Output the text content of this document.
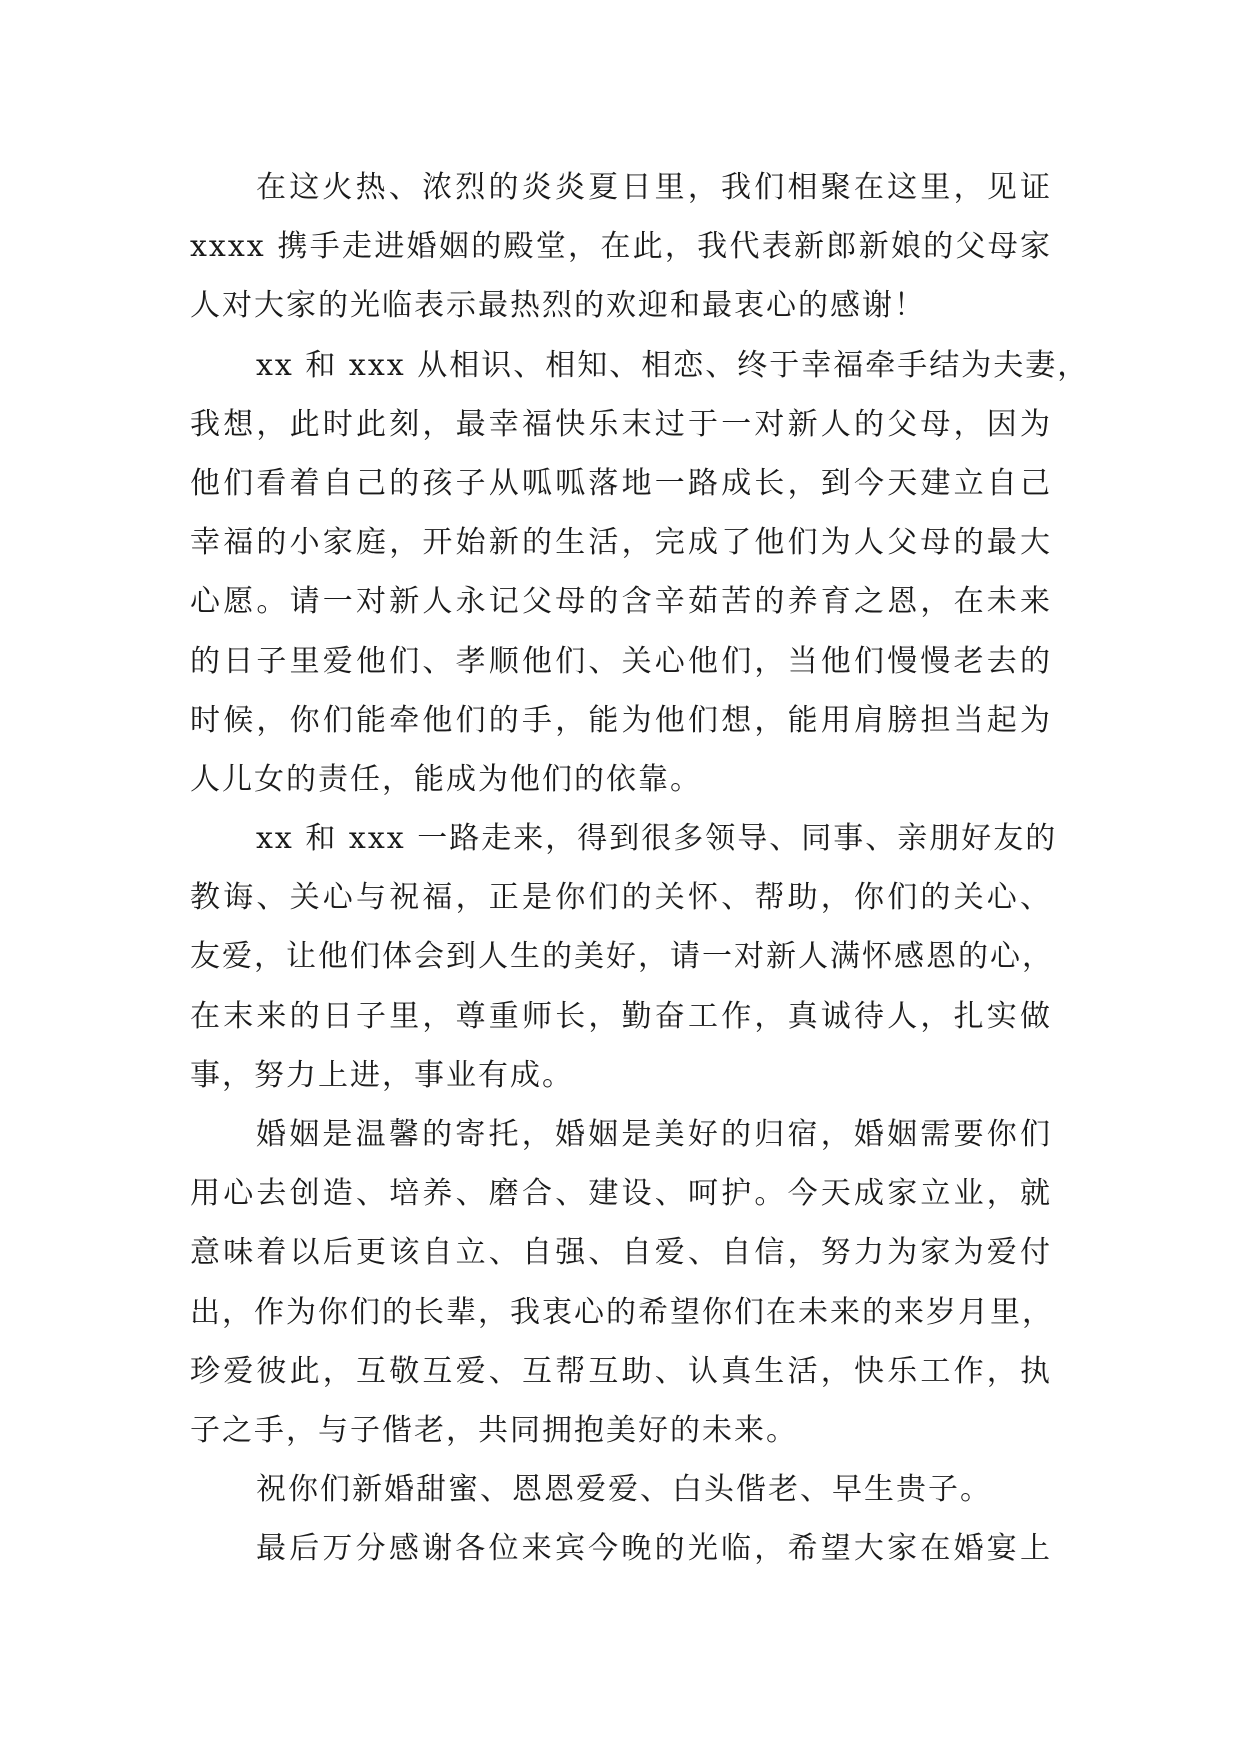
在这火热、浓烈的炎炎夏日里，我们相聚在这里，见证
xxxx 携手走进婚姻的殿堂，在此，我代表新郎新娘的父母家
人对大家的光临表示最热烈的欢迎和最衷心的感谢！
xx 和 xxx 从相识、相知、相恋、终于幸福牵手结为夫妻，
我想，此时此刻，最幸福快乐末过于一对新人的父母，因为
他们看着自己的孩子从呱呱落地一路成长，到今天建立自己
幸福的小家庭，开始新的生活，完成了他们为人父母的最大
心愿。请一对新人永记父母的含辛茹苦的养育之恩，在未来
的日子里爱他们、孝顺他们、关心他们，当他们慢慢老去的
时候，你们能牵他们的手，能为他们想，能用肩膀担当起为
人儿女的责任，能成为他们的依靠。
xx 和 xxx 一路走来，得到很多领导、同事、亲朋好友的
教诲、关心与祝福，正是你们的关怀、帮助，你们的关心、
友爱，让他们体会到人生的美好，请一对新人满怀感恩的心，
在末来的日子里，尊重师长，勤奋工作，真诚待人，扎实做
事，努力上进，事业有成。
婚姻是温馨的寄托，婚姻是美好的归宿，婚姻需要你们
用心去创造、培养、磨合、建设、呵护。今天成家立业，就
意味着以后更该自立、自强、自爱、自信，努力为家为爱付
出，作为你们的长辈，我衷心的希望你们在未来的来岁月里，
珍爱彼此，互敬互爱、互帮互助、认真生活，快乐工作，执
子之手，与子偕老，共同拥抱美好的未来。
祝你们新婚甜蜜、恩恩爱爱、白头偕老、早生贵子。
最后万分感谢各位来宾今晚的光临，希望大家在婚宴上
